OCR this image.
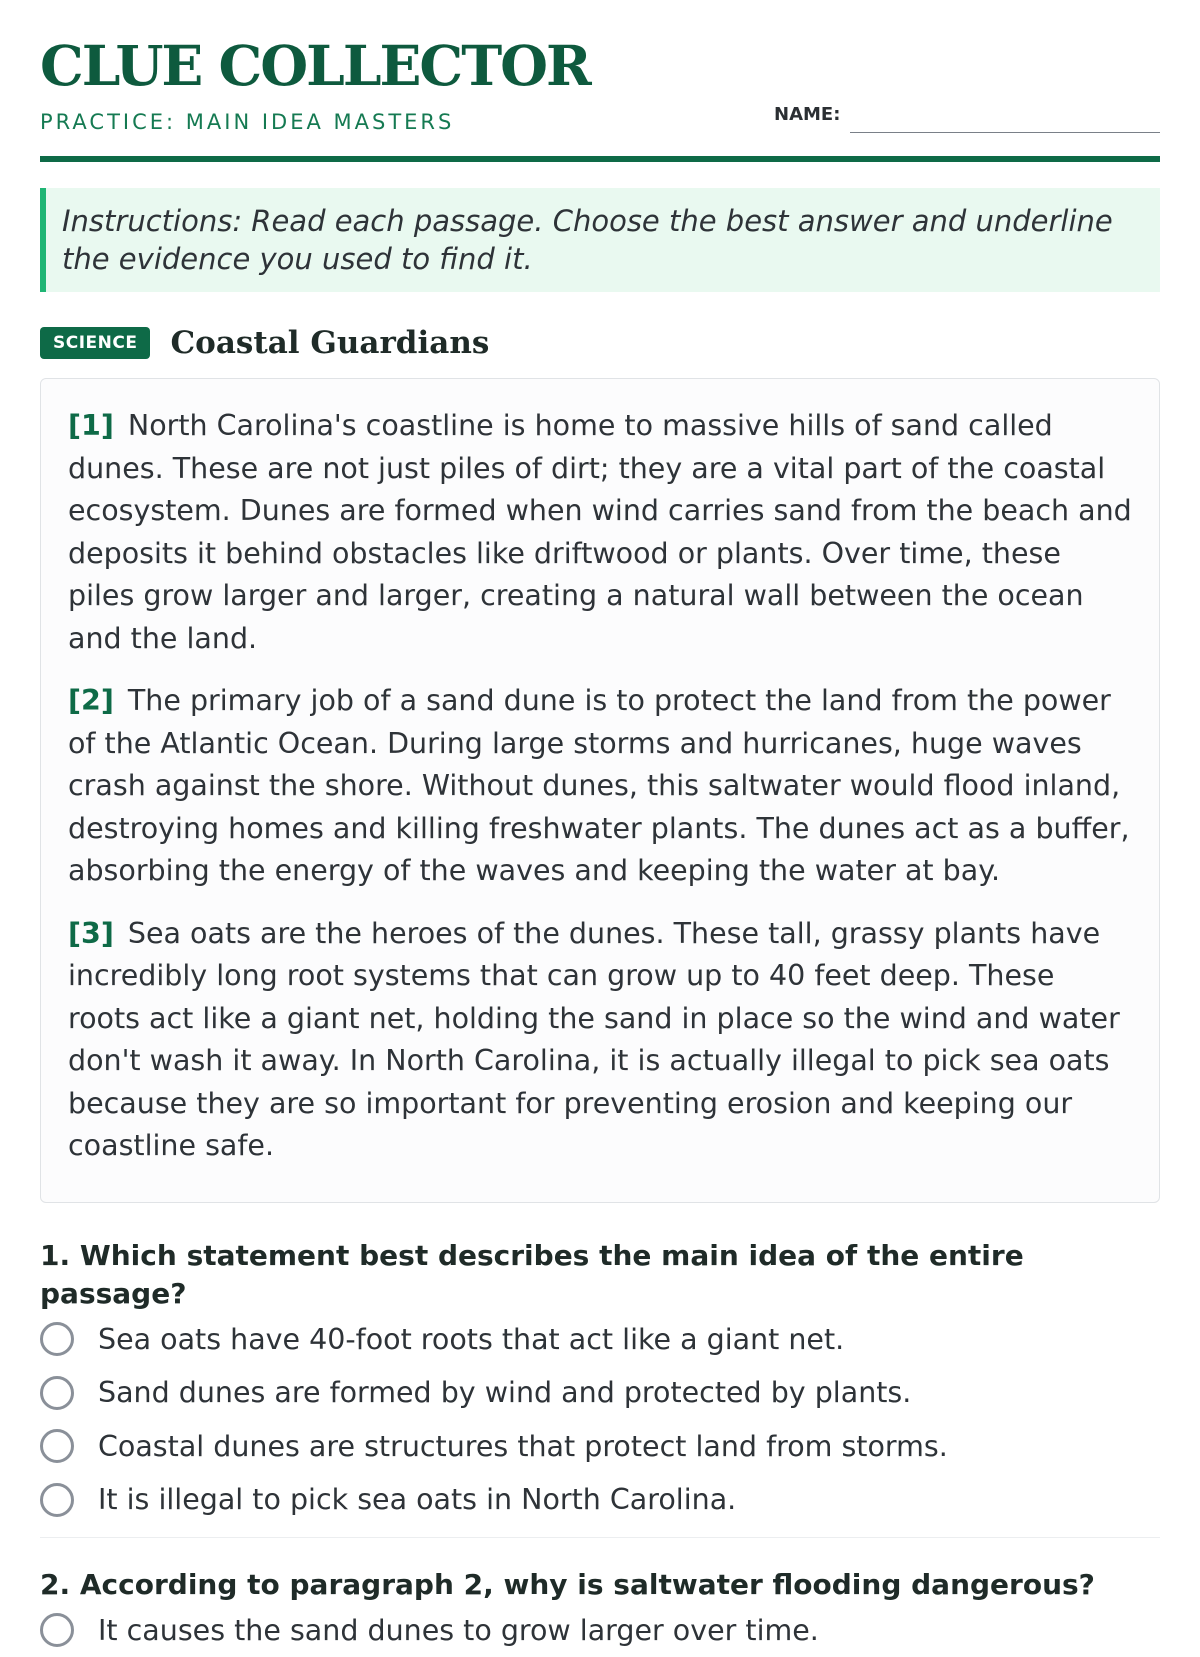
CLUE COLLECTOR
PRACTICE: MAIN IDEA MASTERS	NAME:
Instructions: Read each passage. Choose the best answer and underline the evidence you used to find it.
SCIENCE	Coastal Guardians

[1] North Carolina's coastline is home to massive hills of sand called dunes. These are not just piles of dirt; they are a vital part of the coastal ecosystem. Dunes are formed when wind carries sand from the beach and deposits it behind obstacles like driftwood or plants. Over time, these piles grow larger and larger, creating a natural wall between the ocean and the land.

[2] The primary job of a sand dune is to protect the land from the power of the Atlantic Ocean. During large storms and hurricanes, huge waves crash against the shore. Without dunes, this saltwater would flood inland, destroying homes and killing freshwater plants. The dunes act as a buffer, absorbing the energy of the waves and keeping the water at bay.

[3] Sea oats are the heroes of the dunes. These tall, grassy plants have incredibly long root systems that can grow up to 40 feet deep. These roots act like a giant net, holding the sand in place so the wind and water don't wash it away. In North Carolina, it is actually illegal to pick sea oats because they are so important for preventing erosion and keeping our coastline safe.

1. Which statement best describes the main idea of the entire passage?
Sea oats have 40-foot roots that act like a giant net.
Sand dunes are formed by wind and protected by plants.
Coastal dunes are structures that protect land from storms.
It is illegal to pick sea oats in North Carolina.
2. According to paragraph 2, why is saltwater flooding dangerous?
It causes the sand dunes to grow larger over time.
